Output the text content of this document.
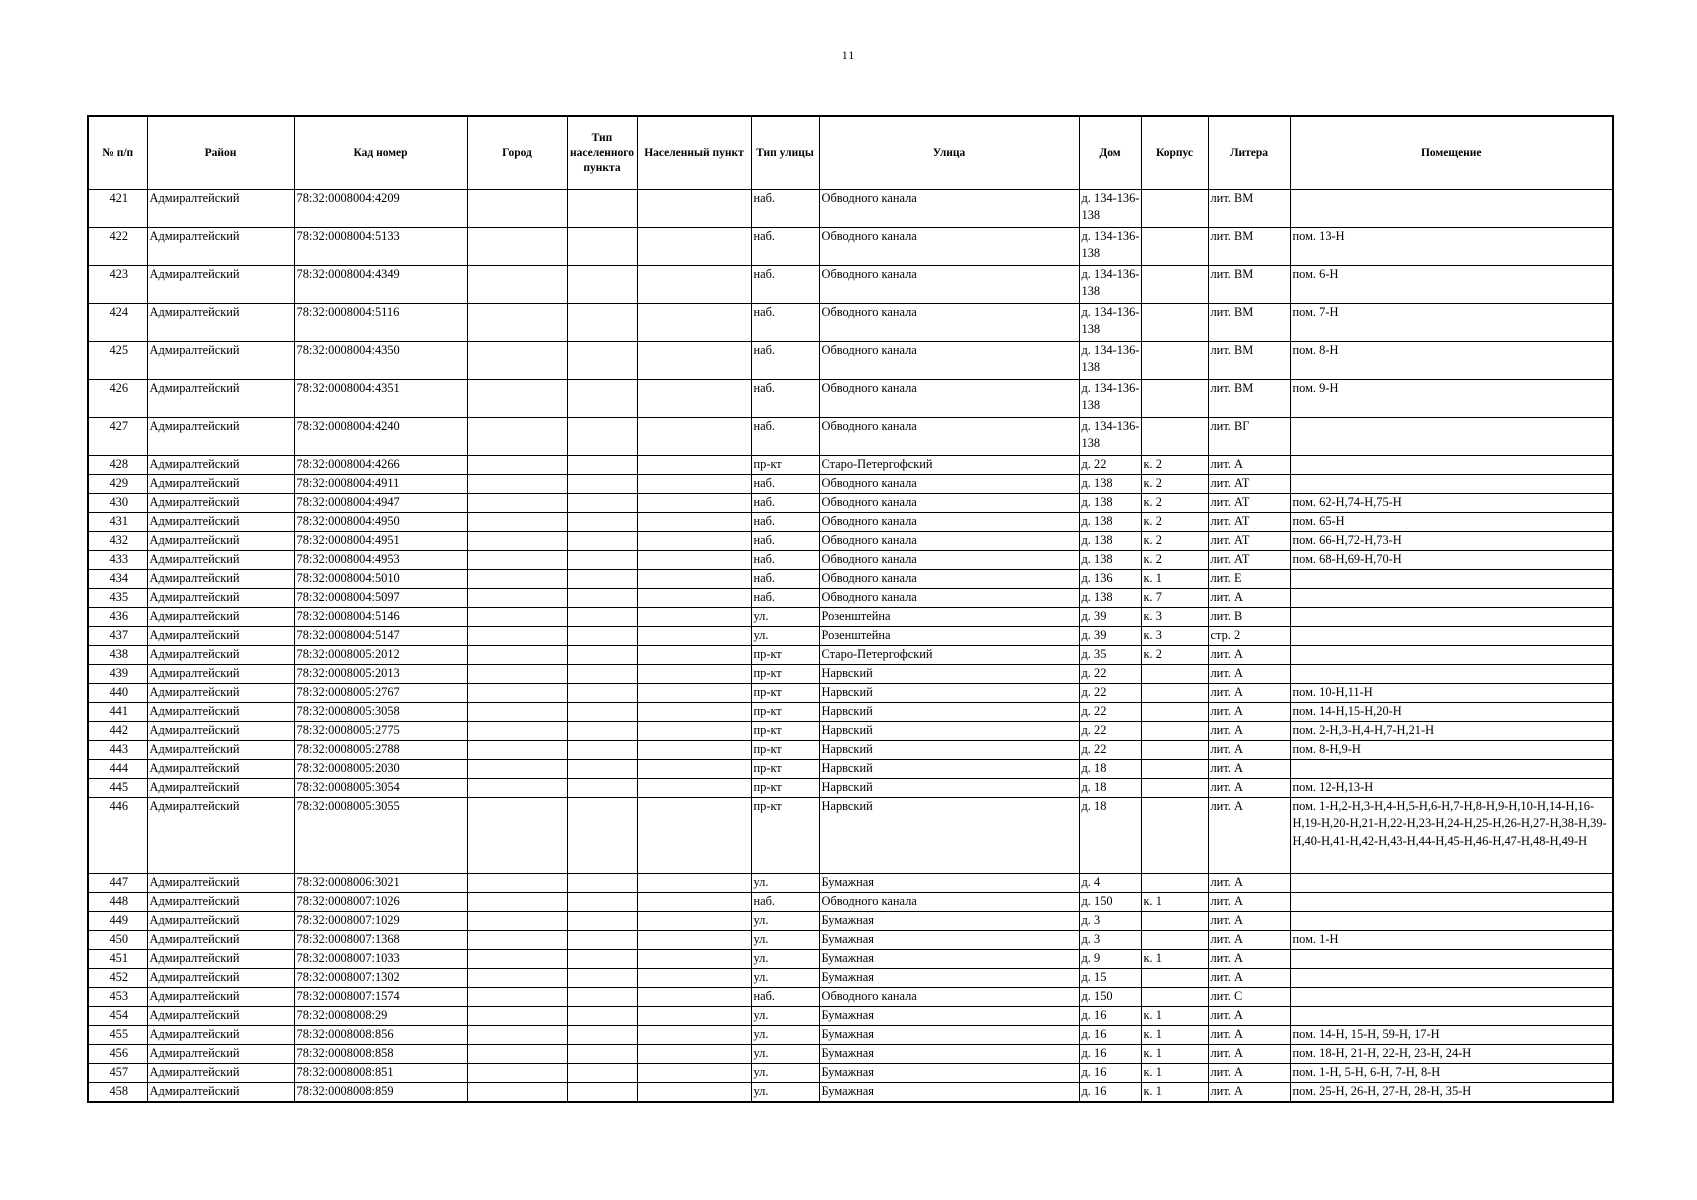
11
№ п/п	Район	Кад номер	Город	Тип населенного пункта	Населенный пункт	Тип улицы	Улица	Дом	Корпус	Литера	Помещение
421	Адмиралтейский	78:32:0008004:4209				наб.	Обводного канала	д. 134-136-138		лит. ВМ	
422	Адмиралтейский	78:32:0008004:5133				наб.	Обводного канала	д. 134-136-138		лит. ВМ	пом. 13-Н
423	Адмиралтейский	78:32:0008004:4349				наб.	Обводного канала	д. 134-136-138		лит. ВМ	пом. 6-Н
424	Адмиралтейский	78:32:0008004:5116				наб.	Обводного канала	д. 134-136-138		лит. ВМ	пом. 7-Н
425	Адмиралтейский	78:32:0008004:4350				наб.	Обводного канала	д. 134-136-138		лит. ВМ	пом. 8-Н
426	Адмиралтейский	78:32:0008004:4351				наб.	Обводного канала	д. 134-136-138		лит. ВМ	пом. 9-Н
427	Адмиралтейский	78:32:0008004:4240				наб.	Обводного канала	д. 134-136-138		лит. ВГ	
428	Адмиралтейский	78:32:0008004:4266				пр-кт	Старо-Петергофский	д. 22	к. 2	лит. А	
429	Адмиралтейский	78:32:0008004:4911				наб.	Обводного канала	д. 138	к. 2	лит. АТ	
430	Адмиралтейский	78:32:0008004:4947				наб.	Обводного канала	д. 138	к. 2	лит. АТ	пом. 62-Н,74-Н,75-Н
431	Адмиралтейский	78:32:0008004:4950				наб.	Обводного канала	д. 138	к. 2	лит. АТ	пом. 65-Н
432	Адмиралтейский	78:32:0008004:4951				наб.	Обводного канала	д. 138	к. 2	лит. АТ	пом. 66-Н,72-Н,73-Н
433	Адмиралтейский	78:32:0008004:4953				наб.	Обводного канала	д. 138	к. 2	лит. АТ	пом. 68-Н,69-Н,70-Н
434	Адмиралтейский	78:32:0008004:5010				наб.	Обводного канала	д. 136	к. 1	лит. Е	
435	Адмиралтейский	78:32:0008004:5097				наб.	Обводного канала	д. 138	к. 7	лит. А	
436	Адмиралтейский	78:32:0008004:5146				ул.	Розенштейна	д. 39	к. 3	лит. В	
437	Адмиралтейский	78:32:0008004:5147				ул.	Розенштейна	д. 39	к. 3	стр. 2	
438	Адмиралтейский	78:32:0008005:2012				пр-кт	Старо-Петергофский	д. 35	к. 2	лит. А	
439	Адмиралтейский	78:32:0008005:2013				пр-кт	Нарвский	д. 22		лит. А	
440	Адмиралтейский	78:32:0008005:2767				пр-кт	Нарвский	д. 22		лит. А	пом. 10-Н,11-Н
441	Адмиралтейский	78:32:0008005:3058				пр-кт	Нарвский	д. 22		лит. А	пом. 14-Н,15-Н,20-Н
442	Адмиралтейский	78:32:0008005:2775				пр-кт	Нарвский	д. 22		лит. А	пом. 2-Н,3-Н,4-Н,7-Н,21-Н
443	Адмиралтейский	78:32:0008005:2788				пр-кт	Нарвский	д. 22		лит. А	пом. 8-Н,9-Н
444	Адмиралтейский	78:32:0008005:2030				пр-кт	Нарвский	д. 18		лит. А	
445	Адмиралтейский	78:32:0008005:3054				пр-кт	Нарвский	д. 18		лит. А	пом. 12-Н,13-Н
446	Адмиралтейский	78:32:0008005:3055				пр-кт	Нарвский	д. 18		лит. А	пом. 1-Н,2-Н,3-Н,4-Н,5-Н,6-Н,7-Н,8-Н,9-Н,10-Н,14-Н,16-Н,19-Н,20-Н,21-Н,22-Н,23-Н,24-Н,25-Н,26-Н,27-Н,38-Н,39-Н,40-Н,41-Н,42-Н,43-Н,44-Н,45-Н,46-Н,47-Н,48-Н,49-Н
447	Адмиралтейский	78:32:0008006:3021				ул.	Бумажная	д. 4		лит. А	
448	Адмиралтейский	78:32:0008007:1026				наб.	Обводного канала	д. 150	к. 1	лит. А	
449	Адмиралтейский	78:32:0008007:1029				ул.	Бумажная	д. 3		лит. А	
450	Адмиралтейский	78:32:0008007:1368				ул.	Бумажная	д. 3		лит. А	пом. 1-Н
451	Адмиралтейский	78:32:0008007:1033				ул.	Бумажная	д. 9	к. 1	лит. А	
452	Адмиралтейский	78:32:0008007:1302				ул.	Бумажная	д. 15		лит. А	
453	Адмиралтейский	78:32:0008007:1574				наб.	Обводного канала	д. 150		лит. С	
454	Адмиралтейский	78:32:0008008:29				ул.	Бумажная	д. 16	к. 1	лит. А	
455	Адмиралтейский	78:32:0008008:856				ул.	Бумажная	д. 16	к. 1	лит. А	пом. 14-Н, 15-Н, 59-Н, 17-Н
456	Адмиралтейский	78:32:0008008:858				ул.	Бумажная	д. 16	к. 1	лит. А	пом. 18-Н, 21-Н, 22-Н, 23-Н, 24-Н
457	Адмиралтейский	78:32:0008008:851				ул.	Бумажная	д. 16	к. 1	лит. А	пом. 1-Н, 5-Н, 6-Н, 7-Н, 8-Н
458	Адмиралтейский	78:32:0008008:859				ул.	Бумажная	д. 16	к. 1	лит. А	пом. 25-Н, 26-Н, 27-Н, 28-Н, 35-Н
